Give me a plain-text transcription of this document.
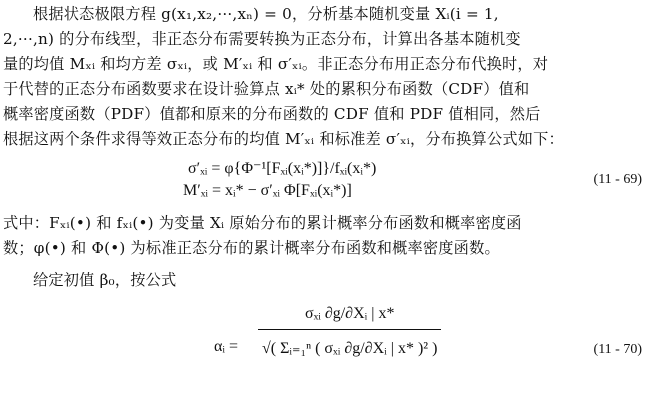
根据状态极限方程 g(x₁,x₂,···,xₙ) = 0，分析基本随机变量 Xᵢ(i = 1,
2,···,n) 的分布线型，非正态分布需要转换为正态分布，计算出各基本随机变
量的均值 Mₓᵢ 和均方差 σₓᵢ，或 M′ₓᵢ 和 σ′ₓᵢ。非正态分布用正态分布代换时，对
于代替的正态分布函数要求在设计验算点 xᵢ* 处的累积分布函数（CDF）值和
概率密度函数（PDF）值都和原来的分布函数的 CDF 值和 PDF 值相同，然后
根据这两个条件求得等效正态分布的均值 M′ₓᵢ 和标准差 σ′ₓᵢ，分布换算公式如下：
σ′ₓᵢ = φ{Φ⁻¹[Fₓᵢ(xᵢ*)]}/fₓᵢ(xᵢ*)
M′ₓᵢ = xᵢ* − σ′ₓᵢ Φ[Fₓᵢ(xᵢ*)]
(11 - 69)
式中：Fₓᵢ(•) 和 fₓᵢ(•) 为变量 Xᵢ 原始分布的累计概率分布函数和概率密度函
数；φ(•) 和 Φ(•) 为标准正态分布的累计概率分布函数和概率密度函数。
给定初值 β₀，按公式
αᵢ = $\frac{\text{σₓᵢ ∂g/∂Xᵢ | x*}}{\text{√( Σᵢ₌₁ⁿ ( σₓᵢ ∂g/∂Xᵢ | x* )² )}}$	(11 - 70)
